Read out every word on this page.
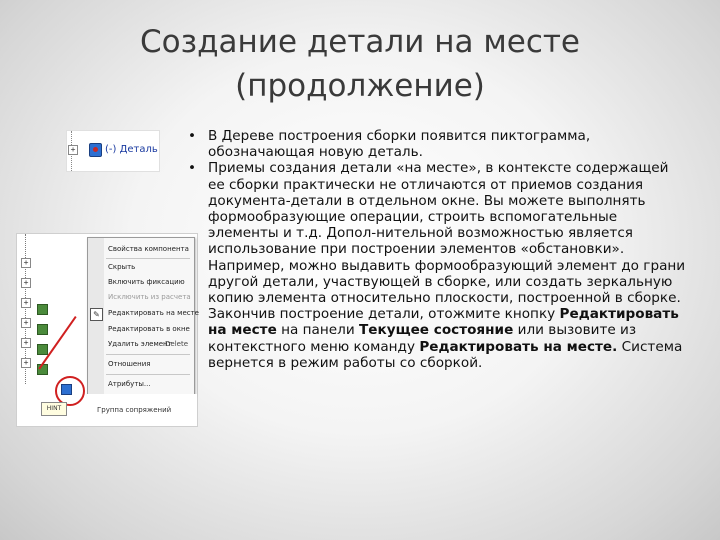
Создание детали на месте
(продолжение)
+	(-) Деталь
+
+
+
+
+
+
HINT
Свойства компонента
Скрыть
Включить фиксацию
Исключить из расчета
✎	Редактировать на месте
Редактировать в окне
Удалить элемент
Delete
Отношения
Атрибуты...
Группа сопряжений
• В Дереве построения сборки появится пиктограмма, обозначающая новую деталь.
• Приемы создания детали «на месте», в контексте содержащей ее сборки практически не отличаются от приемов создания документа-детали в отдельном окне. Вы можете выполнять формообразующие операции, строить вспомогательные элементы и т.д. Допол-нительной возможностью является использование при построении элементов «обстановки». Например, можно выдавить формообразующий элемент до грани другой детали, участвующей в сборке, или создать зеркальную копию элемента относительно плоскости, построенной в сборке.
Закончив построение детали, отожмите кнопку Редактировать на месте на панели Текущее состояние или вызовите из контекстного меню команду Редактировать на месте. Система вернется в режим работы со сборкой.
